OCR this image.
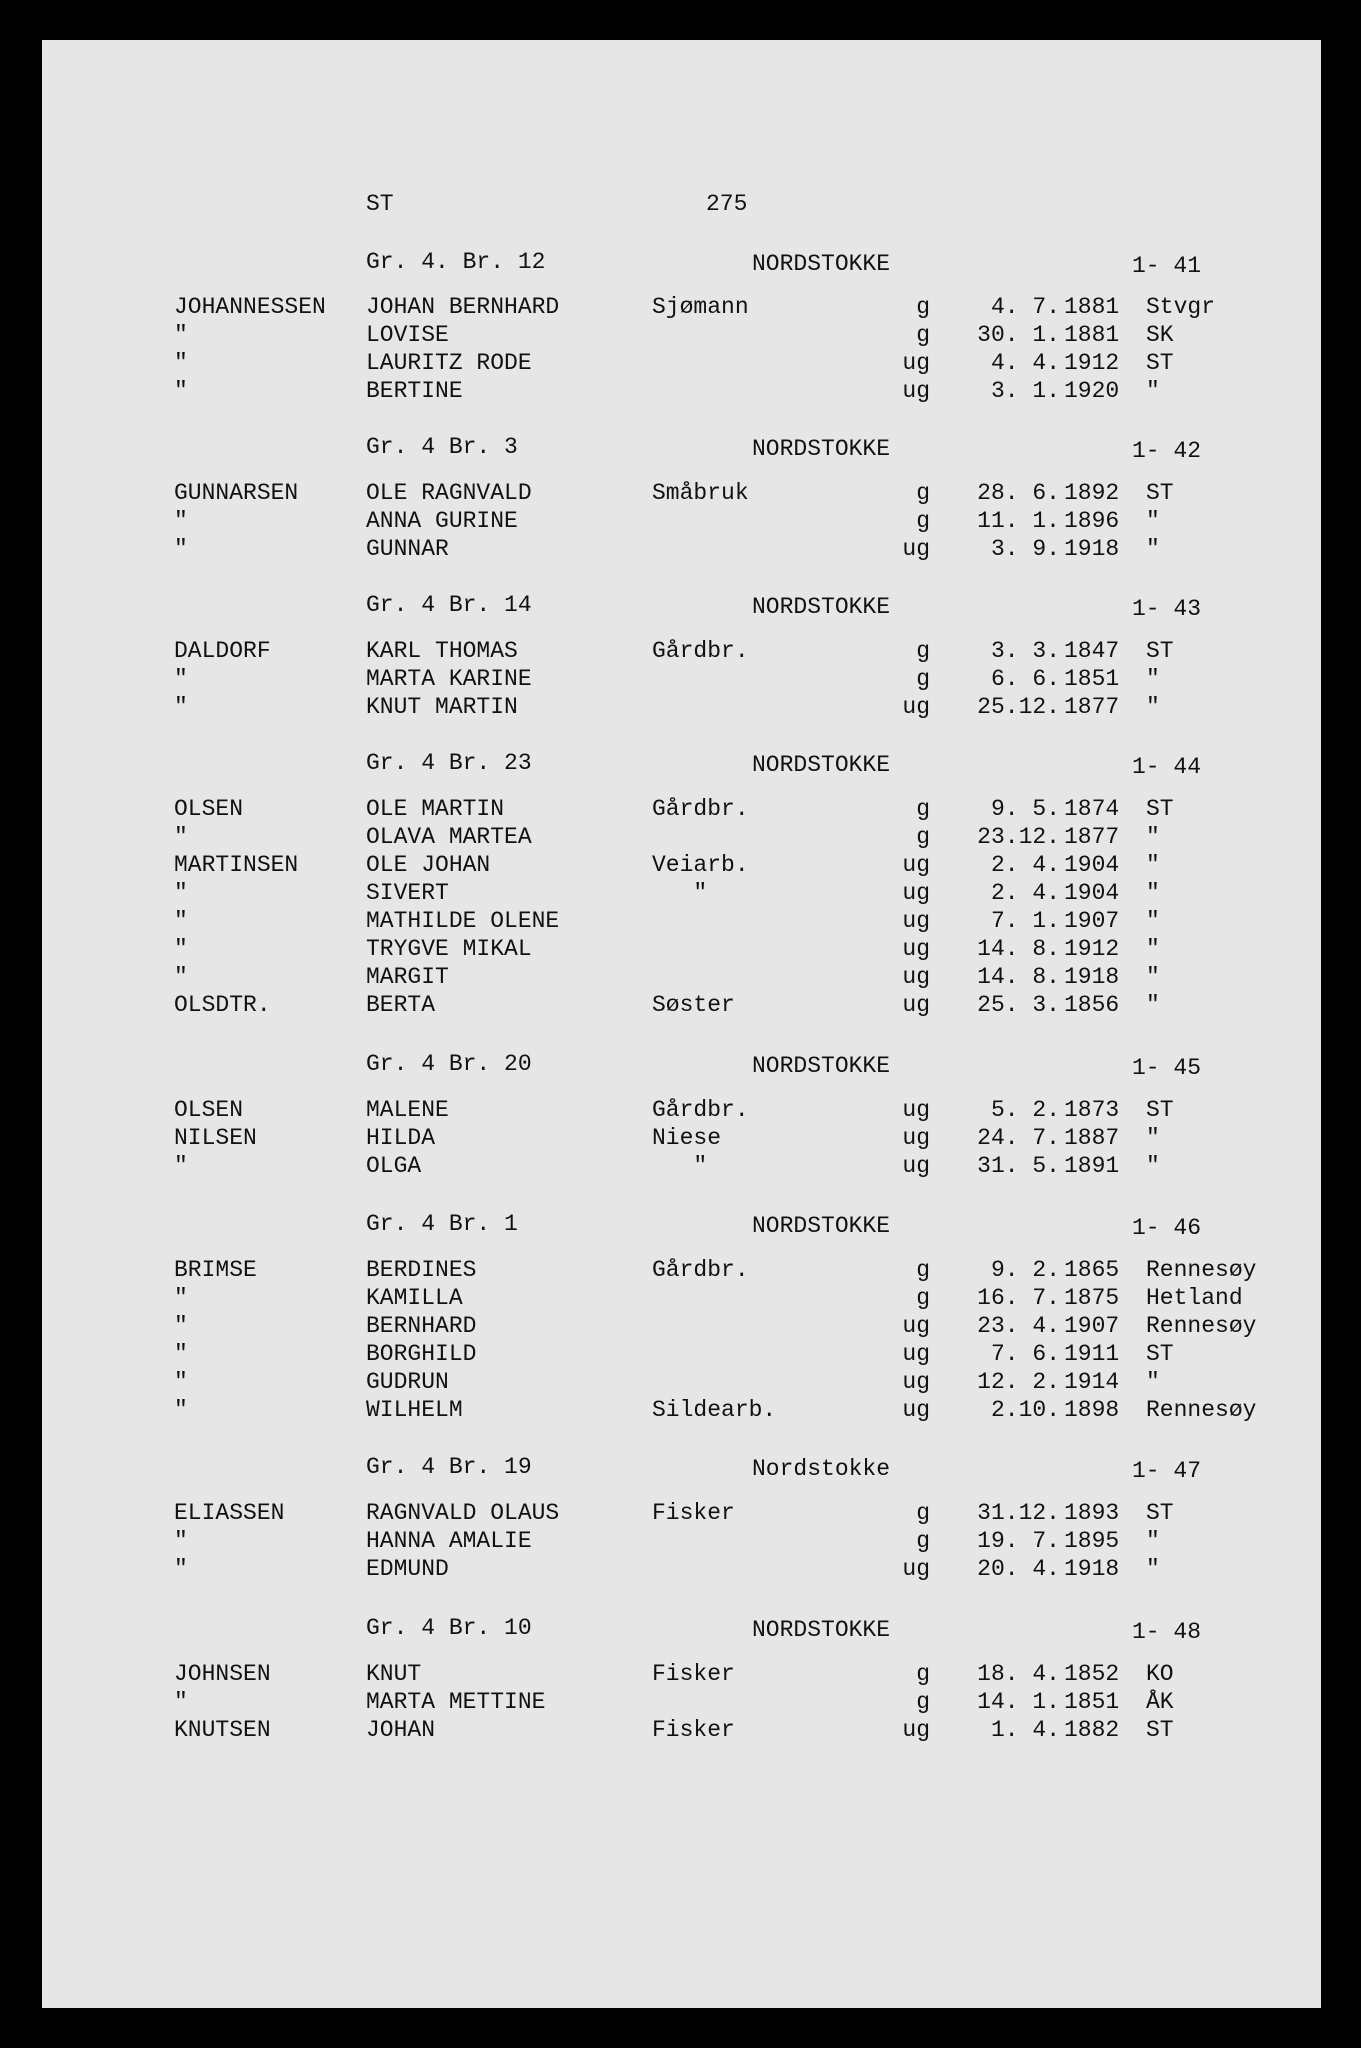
ST	275
Gr. 4. Br. 12	NORDSTOKKE	1- 41
JOHANNESSEN JOHAN BERNHARD	Sjømann	g	4. 7. 1881 Stvgr
"	LOVISE	g	30. 1. 1881 SK
"	LAURITZ RODE	ug	4. 4. 1912 ST
"	BERTINE	ug	3. 1. 1920 "
Gr. 4 Br. 3	NORDSTOKKE	1- 42
GUNNARSEN	OLE RAGNVALD	Småbruk	g	28. 6. 1892 ST
"	ANNA GURINE	g	11. 1. 1896 "
"	GUNNAR	ug	3. 9. 1918 "
Gr. 4 Br. 14	NORDSTOKKE	1- 43
DALDORF	KARL THOMAS	Gårdbr.	g	3. 3. 1847 ST
"	MARTA KARINE	g	6. 6. 1851 "
"	KNUT MARTIN	ug	25.12. 1877 "
Gr. 4 Br. 23	NORDSTOKKE	1- 44
OLSEN	OLE MARTIN	Gårdbr.	g	9. 5. 1874 ST
"	OLAVA MARTEA	g	23.12. 1877 "
MARTINSEN	OLE JOHAN	Veiarb.	ug	2. 4. 1904 "
"	SIVERT	"	ug	2. 4. 1904 "
"	MATHILDE OLENE	ug	7. 1. 1907 "
"	TRYGVE MIKAL	ug	14. 8. 1912 "
"	MARGIT	ug	14. 8. 1918 "
OLSDTR.	BERTA	Søster	ug	25. 3. 1856 "
Gr. 4 Br. 20	NORDSTOKKE	1- 45
OLSEN	MALENE	Gårdbr.	ug	5. 2. 1873 ST
NILSEN	HILDA	Niese	ug	24. 7. 1887 "
"	OLGA	"	ug	31. 5. 1891 "
Gr. 4 Br. 1	NORDSTOKKE	1- 46
BRIMSE	BERDINES	Gårdbr.	g	9. 2. 1865 Rennesøy
"	KAMILLA	g	16. 7. 1875 Hetland
"	BERNHARD	ug	23. 4. 1907 Rennesøy
"	BORGHILD	ug	7. 6. 1911 ST
"	GUDRUN	ug	12. 2. 1914 "
"	WILHELM	Sildearb.	ug	2.10. 1898 Rennesøy
Gr. 4 Br. 19	Nordstokke	1- 47
ELIASSEN	RAGNVALD OLAUS	Fisker	g	31.12. 1893 ST
"	HANNA AMALIE	g	19. 7. 1895 "
"	EDMUND	ug	20. 4. 1918 "
Gr. 4 Br. 10	NORDSTOKKE	1- 48
JOHNSEN	KNUT	Fisker	g	18. 4. 1852 KO
"	MARTA METTINE	g	14. 1. 1851 ÅK
KNUTSEN	JOHAN	Fisker	ug	1. 4. 1882 ST
